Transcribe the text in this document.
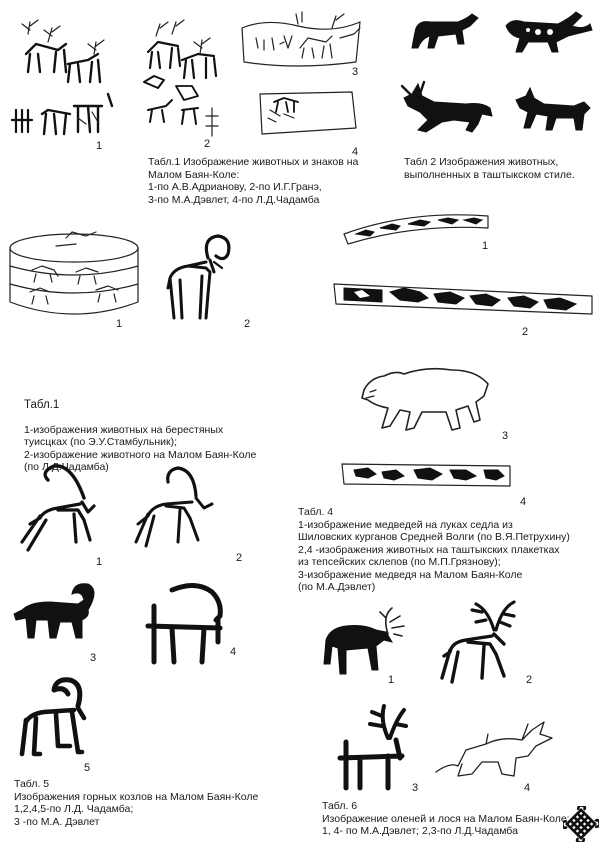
1	2
3
4
Табл.1 Изображение животных и знаков на Малом Баян-Коле:
1-по А.В.Адрианову, 2-по И.Г.Гранэ,
3-по М.А.Дэвлет, 4-по Л.Д.Чадамба
Табл 2 Изображения животных,
выполненных в таштыкском стиле.
1	2

Табл.1

1-изображения животных на берестяных
туисцках (по Э.У.Стамбульник);
2-изображение животного на Малом Баян-Коле
(по Л.Д.Чадамба)

1
2
3
4
Табл. 4
1-изображение медведей на луках седла из
Шиловских курганов Средней Волги (по В.Я.Петрухину)
2,4 -изображения животных на таштыкских плакетках
из тепсейских склепов (по М.П.Грязнову);
3-изображение медведя на Малом Баян-Коле
(по М.А.Дэвлет)
1	2
3	4
5
Табл. 5
Изображения горных козлов на Малом Баян-Коле
1,2,4,5-по Л.Д. Чадамба;
3 -по М.А. Дэвлет
1	2
3	4
Табл. 6
Изображение оленей и лося на Малом Баян-Коле:
1, 4- по М.А.Дэвлет; 2,3-по Л.Д.Чадамба
